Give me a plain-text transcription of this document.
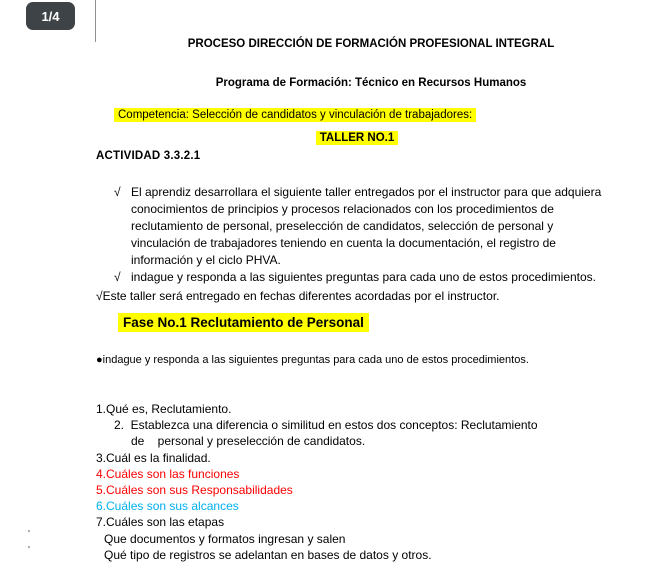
1/4
'
'
PROCESO DIRECCIÓN DE FORMACIÓN PROFESIONAL INTEGRAL
Programa de Formación: Técnico en Recursos Humanos
Competencia: Selección de candidatos y vinculación de trabajadores:
TALLER NO.1
ACTIVIDAD 3.3.2.1
√ El aprendiz desarrollara el siguiente taller entregados por el instructor para que adquiera conocimientos de principios y procesos relacionados con los procedimientos de reclutamiento de personal, preselección de candidatos, selección de personal y vinculación de trabajadores teniendo en cuenta la documentación, el registro de información y el ciclo PHVA.
√ indague y responda a las siguientes preguntas para cada uno de estos procedimientos.
√Este taller será entregado en fechas diferentes acordadas por el instructor.
Fase No.1 Reclutamiento de Personal
●indague y responda a las siguientes preguntas para cada uno de estos procedimientos.
1.Qué es, Reclutamiento.
2.  Establezca una diferencia o similitud en estos dos conceptos: Reclutamiento
de    personal y preselección de candidatos.
3.Cuál es la finalidad.
4.Cuáles son las funciones
5.Cuáles son sus Responsabilidades
6.Cuáles son sus alcances
7.Cuáles son las etapas
Que documentos y formatos ingresan y salen
Qué tipo de registros se adelantan en bases de datos y otros.
